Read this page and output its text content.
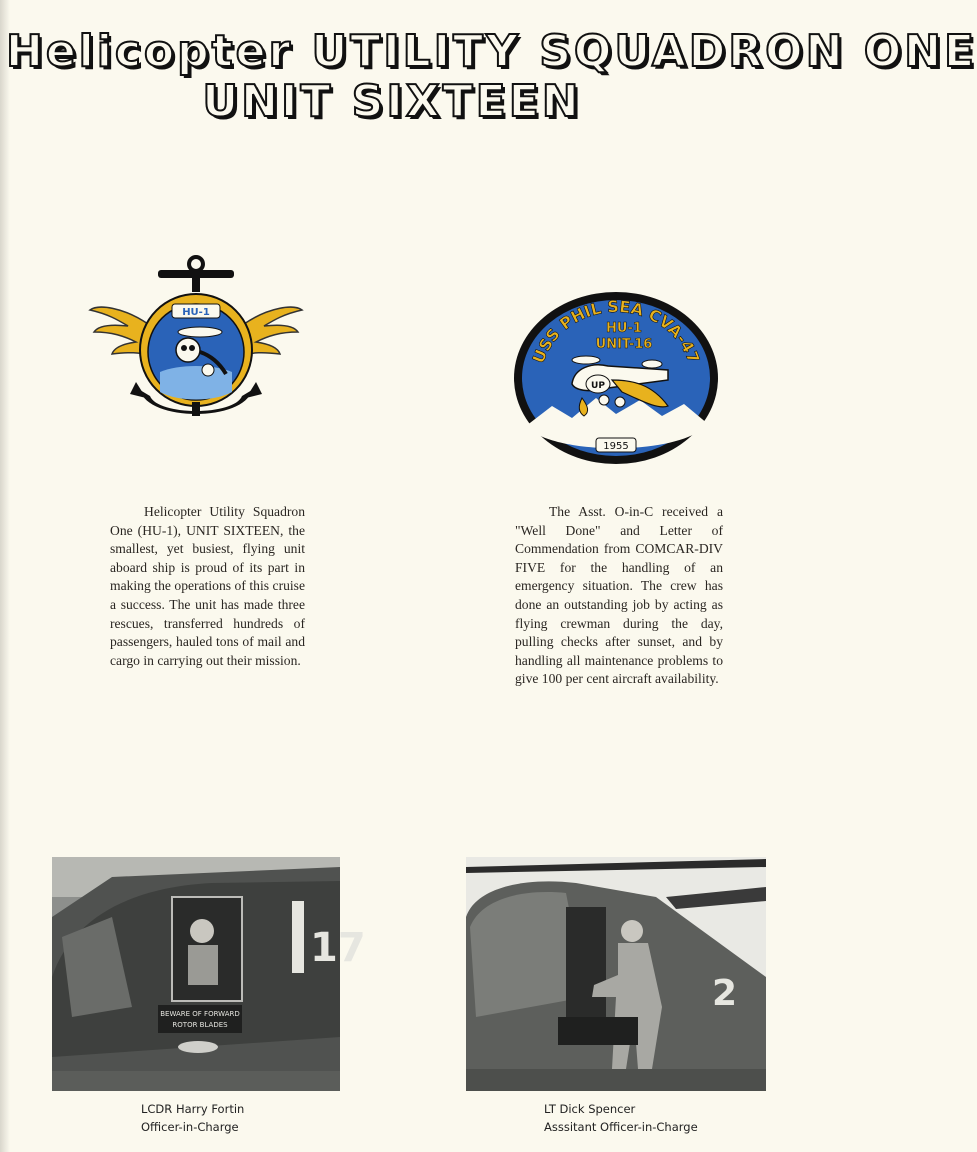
Helicopter UTILITY SQUADRON ONE
UNIT SIXTEEN
HU-1
USS PHIL SEA CVA-47
HU-1
UNIT-16
UP
1955

Helicopter Utility Squadron One (HU-1), UNIT SIXTEEN, the smallest, yet busiest, flying unit aboard ship is proud of its part in making the operations of this cruise a success. The unit has made three rescues, transferred hundreds of passengers, hauled tons of mail and cargo in carrying out their mission.

The Asst. O-in-C received a "Well Done" and Letter of Commendation from COMCAR-DIV FIVE for the handling of an emergency situation. The crew has done an outstanding job by acting as flying crewman during the day, pulling checks after sunset, and by handling all maintenance problems to give 100 per cent aircraft availability.

17
BEWARE OF FORWARD
ROTOR BLADES
2
LCDR Harry Fortin
Officer-in-Charge
LT Dick Spencer
Asssitant Officer-in-Charge
